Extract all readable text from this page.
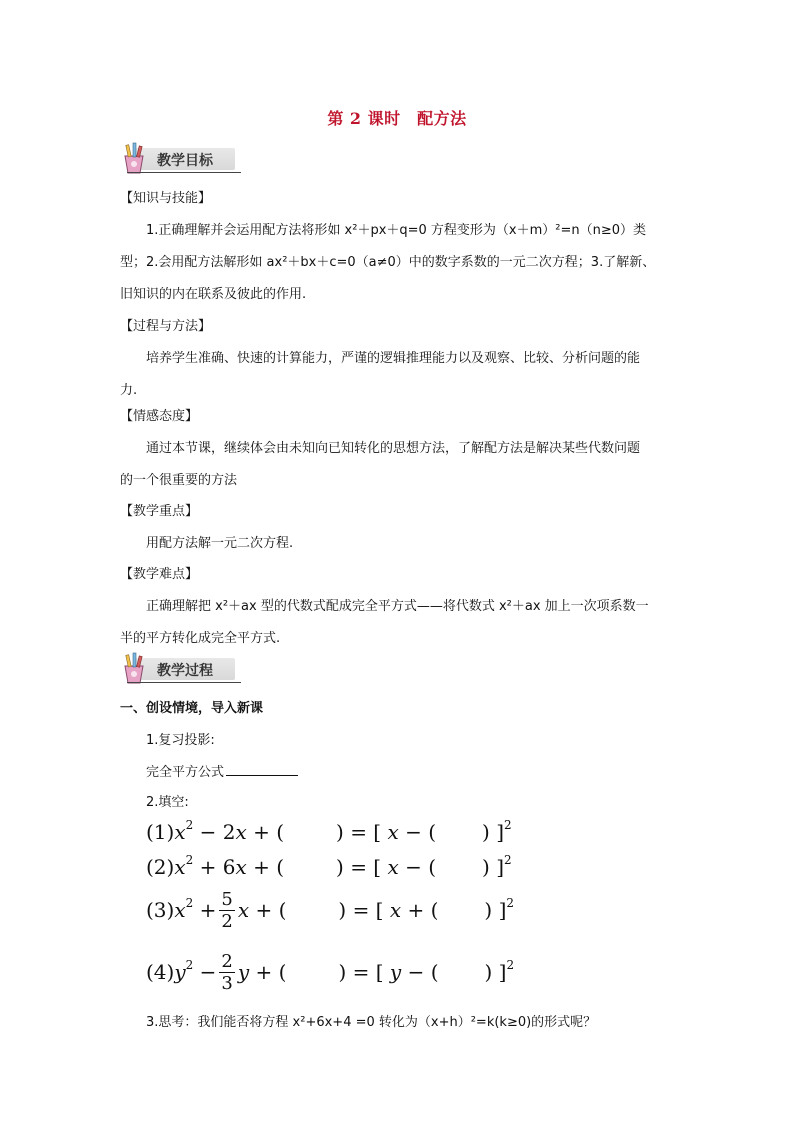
第 2 课时　配方法
教学目标
【知识与技能】
1.正确理解并会运用配方法将形如 x²＋px＋q=0 方程变形为（x＋m）²=n（n≥0）类
型；2.会用配方法解形如 ax²＋bx＋c=0（a≠0）中的数字系数的一元二次方程；3.了解新、
旧知识的内在联系及彼此的作用.
【过程与方法】
培养学生准确、快速的计算能力，严谨的逻辑推理能力以及观察、比较、分析问题的能
力.
【情感态度】
通过本节课，继续体会由未知向已知转化的思想方法，了解配方法是解决某些代数问题
的一个很重要的方法
【教学重点】
用配方法解一元二次方程.
【教学难点】
正确理解把 x²＋ax 型的代数式配成完全平方式——将代数式 x²＋ax 加上一次项系数一
半的平方转化成完全平方式.
教学过程
一、创设情境，导入新课
1.复习投影:
完全平方公式
2.填空:
$(1)x^2 - 2x$ + (	) = [ x − ( ) ]$^2$
$(2)x^2 + 6x$ + (	) = [ x − ( ) ]$^2$
$(3)x^2 + \frac{5}{2}$ x + (	) = [ x + ( ) ]$^2$
$(4)y^2 - \frac{2}{3}$ y + (	) = [ y − ( ) ]$^2$
3.思考：我们能否将方程 x²+6x+4 =0 转化为（x+h）²=k(k≥0)的形式呢？
